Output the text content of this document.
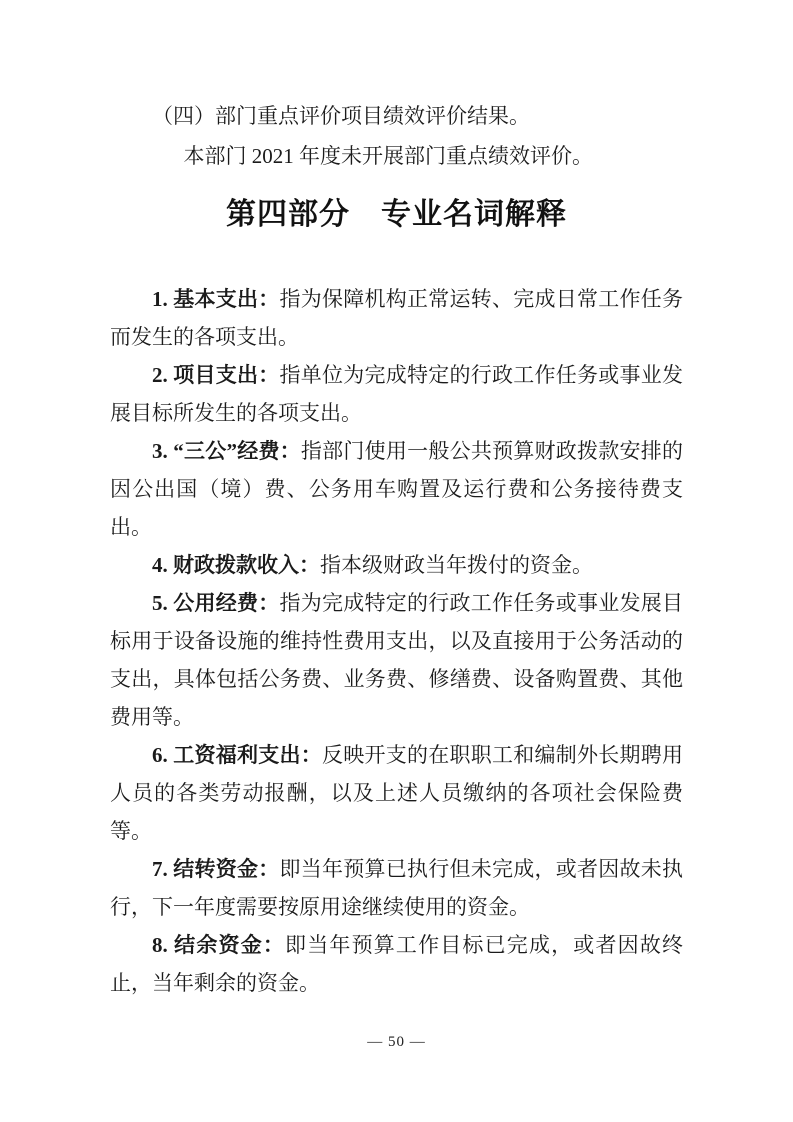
（四）部门重点评价项目绩效评价结果。

本部门 2021 年度未开展部门重点绩效评价。

第四部分　专业名词解释

1. 基本支出：指为保障机构正常运转、完成日常工作任务而发生的各项支出。

2. 项目支出：指单位为完成特定的行政工作任务或事业发展目标所发生的各项支出。

3. “三公”经费：指部门使用一般公共预算财政拨款安排的因公出国（境）费、公务用车购置及运行费和公务接待费支出。

4. 财政拨款收入：指本级财政当年拨付的资金。

5. 公用经费：指为完成特定的行政工作任务或事业发展目标用于设备设施的维持性费用支出，以及直接用于公务活动的支出，具体包括公务费、业务费、修缮费、设备购置费、其他费用等。

6. 工资福利支出：反映开支的在职职工和编制外长期聘用人员的各类劳动报酬，以及上述人员缴纳的各项社会保险费等。

7. 结转资金：即当年预算已执行但未完成，或者因故未执行，下一年度需要按原用途继续使用的资金。

8. 结余资金：即当年预算工作目标已完成，或者因故终止，当年剩余的资金。

— 50 —
